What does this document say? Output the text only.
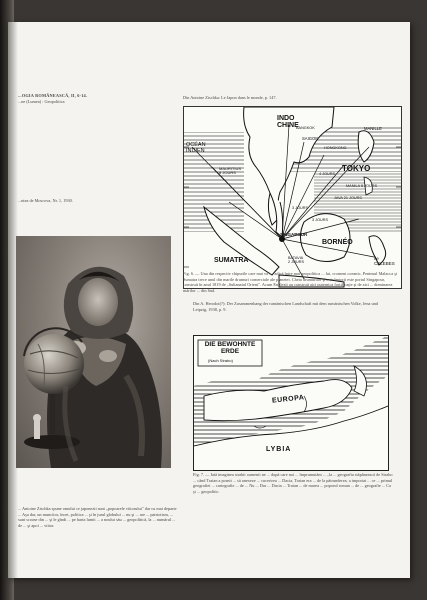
...OGIA ROMÂNEASCĂ, II, 6-14.
...ne (Lumea) : Geopolitica
Din Antoine Zischka: Le Japon dans le monde, p. 147.
...ntea de Moscova, Nr. 1, 1930.
... Antoine Zischka spune omului ce japonezii sunt „popoarele viitorului" dar cu mai departe ... Aşa dar, un muncitor, încet, politica ... şi în jurul globului ... nu şi ... are ... patriotism, ... sunt scoase din ... şi le gîndi ... pe harta lumii ... a noului său ... geopolitică, la ... numărul ... de ... şi apoi ... viitor.
INDO
CHINE
OCÉAN
INDIEN
SUMATRA
BORNÉO
Ile
CELEBES
SINGAPOUR
MANILLE
SAIGON
TOKYO
BANGKOK
HONGKONG
MAURITIUS
8 JOURS
BATAVIA
2 JOURS
MANILA 5 JOURS
JAVA 21 JOURS
3 JOURS
4 JOURS
3 JOURS
Fig. 6. — Una din respectiv chipurile care mai vă — adică între mai geopolitica ... lui, cromeni oceanic, Peninsul Malacca şi Sumatra trece unul din marile drumuri comerciale ale planetei. Cheia drumurilor şi a strâmtorii este portul Singapour, construit în anul 1819 de „Sultanatul Orient". Acum Englezii au construit aici puternica fortificaţie şi de aici ... dominarea mărilor ... din Sud.
Din A. Herodot(?): Der Zusammenhang der rumänischen Landschaft mit dem rumänischen Volke, Jena und Leipzig, 1938, p. 9.
DIE BEWOHNTE
ERDE
(Nach Strabo)
EUROPA
LYBIA
Fig. 7. — Iată imaginea strabii oamenii ne ... după care noi ... împrumutăm ... „la ... geografia stăpânească de Strabo ... când Traian a pornit ... să anexeze ... cucerirea ... Dacia, Traian era ... de la pătrunderea, a importat ... ce ... primul geografiei ... cartografie ... de ... Nu ... Dar ... Dacia ... Traian ... de marea ... poporul roman ... de ... geografie ... Ca şi ... geopolitic.
